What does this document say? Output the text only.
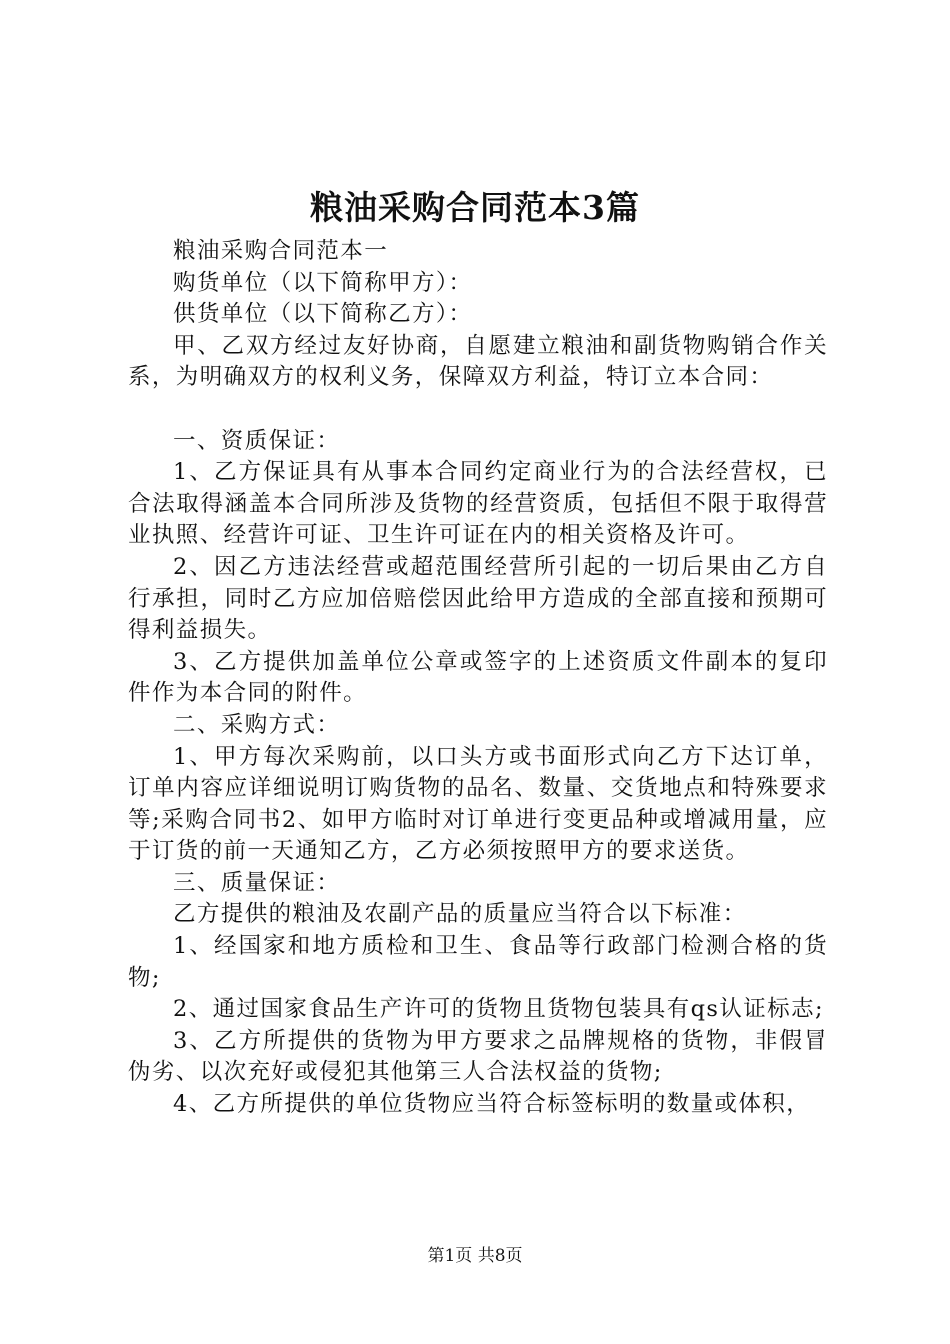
粮油采购合同范本3篇

粮油采购合同范本一

购货单位（以下简称甲方）：

供货单位（以下简称乙方）：

甲、乙双方经过友好协商，自愿建立粮油和副货物购销合作关系，为明确双方的权利义务，保障双方利益，特订立本合同：

一、资质保证：

1、乙方保证具有从事本合同约定商业行为的合法经营权，已合法取得涵盖本合同所涉及货物的经营资质，包括但不限于取得营业执照、经营许可证、卫生许可证在内的相关资格及许可。

2、因乙方违法经营或超范围经营所引起的一切后果由乙方自行承担，同时乙方应加倍赔偿因此给甲方造成的全部直接和预期可得利益损失。

3、乙方提供加盖单位公章或签字的上述资质文件副本的复印件作为本合同的附件。

二、采购方式：

1、甲方每次采购前，以口头方或书面形式向乙方下达订单，订单内容应详细说明订购货物的品名、数量、交货地点和特殊要求等;采购合同书2、如甲方临时对订单进行变更品种或增减用量，应于订货的前一天通知乙方，乙方必须按照甲方的要求送货。

三、质量保证：

乙方提供的粮油及农副产品的质量应当符合以下标准：

1、经国家和地方质检和卫生、食品等行政部门检测合格的货物;

2、通过国家食品生产许可的货物且货物包装具有qs认证标志;

3、乙方所提供的货物为甲方要求之品牌规格的货物，非假冒伪劣、以次充好或侵犯其他第三人合法权益的货物;

4、乙方所提供的单位货物应当符合标签标明的数量或体积，

第1页 共8页
